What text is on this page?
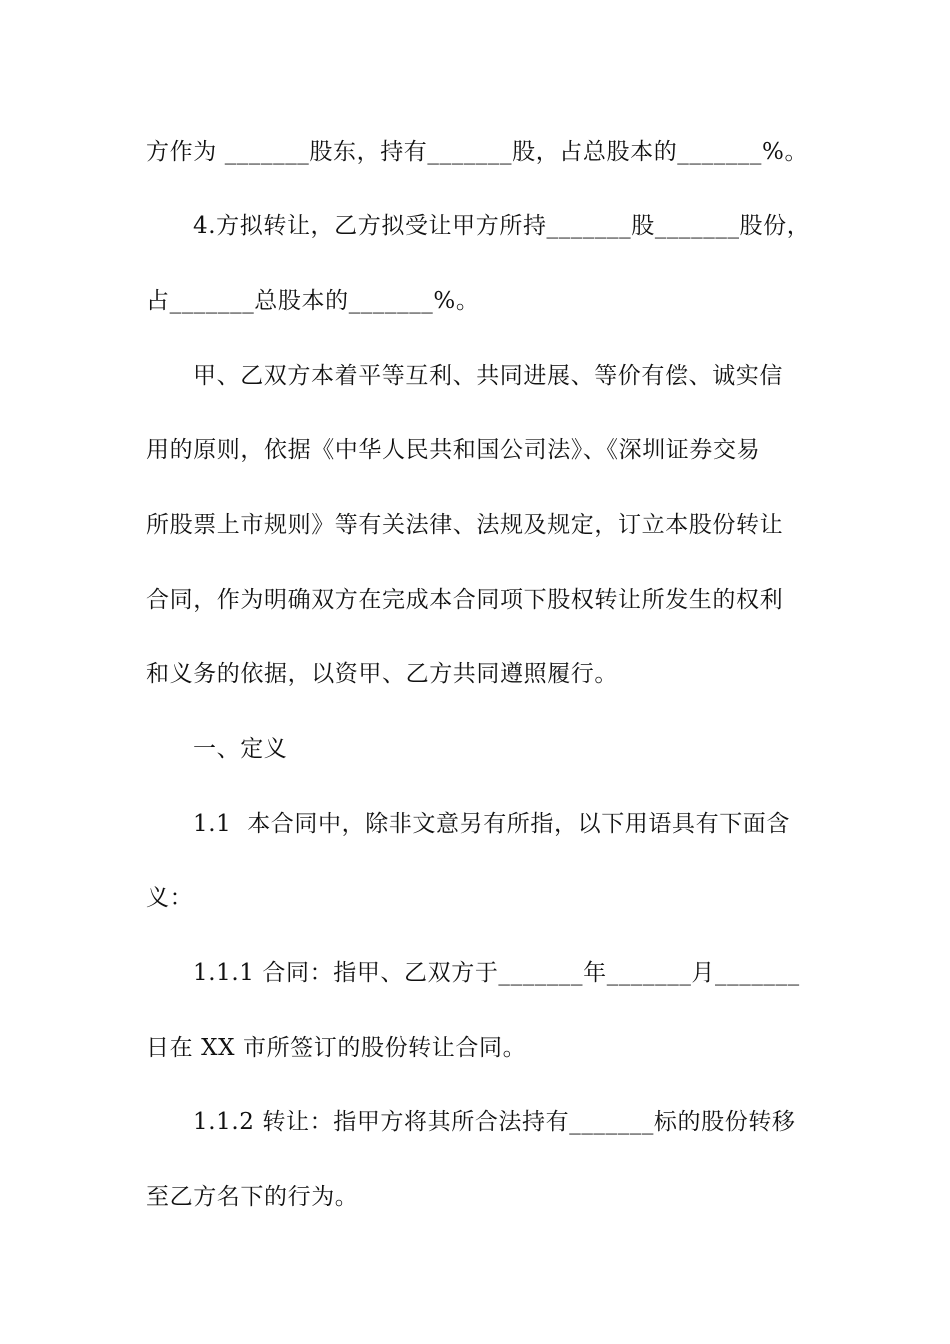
方作为 _______股东，持有_______股，占总股本的_______%。

4.方拟转让，乙方拟受让甲方所持_______股_______股份，

占_______总股本的_______%。

甲、乙双方本着平等互利、共同进展、等价有偿、诚实信

用的原则，依据《中华人民共和国公司法》、《深圳证券交易

所股票上市规则》等有关法律、法规及规定，订立本股份转让

合同，作为明确双方在完成本合同项下股权转让所发生的权利

和义务的依据，以资甲、乙方共同遵照履行。

一、定义

1.1  本合同中，除非文意另有所指，以下用语具有下面含

义：

1.1.1 合同：指甲、乙双方于_______年_______月_______

日在 XX 市所签订的股份转让合同。

1.1.2 转让：指甲方将其所合法持有_______标的股份转移

至乙方名下的行为。
